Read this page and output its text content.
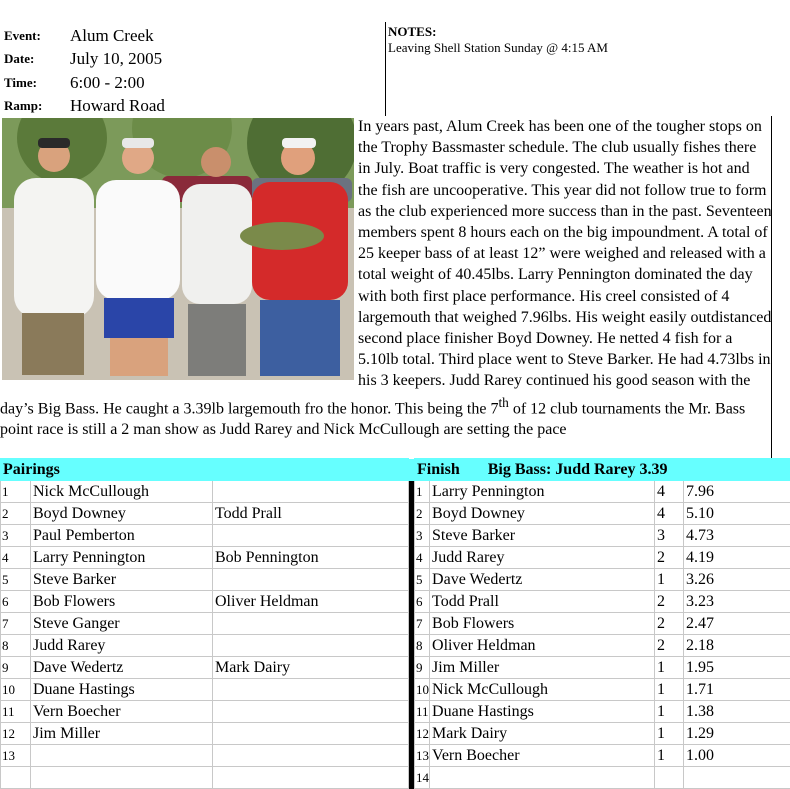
Event:	Alum Creek
Date:	July 10, 2005
Time:	6:00 - 2:00
Ramp:	Howard Road
NOTES:
Leaving Shell Station Sunday @ 4:15 AM

In years past, Alum Creek has been one of the tougher stops on the Trophy Bassmaster schedule. The club usually fishes there in July. Boat traffic is very congested. The weather is hot and the fish are uncooperative. This year did not follow true to form as the club experienced more success than in the past. Seventeen members spent 8 hours each on the big impoundment. A total of 25 keeper bass of at least 12” were weighed and released with a total weight of 40.45lbs. Larry Pennington dominated the day with both first place performance. His creel consisted of 4 largemouth that weighed 7.96lbs. His weight easily outdistanced second place finisher Boyd Downey. He netted 4 fish for a 5.10lb total. Third place went to Steve Barker. He had 4.73lbs in his 3 keepers. Judd Rarey continued his good season with the day’s Big Bass. He caught a 3.39lb largemouth fro the honor. This being the 7th of 12 club tournaments the Mr. Bass point race is still a 2 man show as Judd Rarey and Nick McCullough are setting the pace

Pairings				Finish Big Bass: Judd Rarey 3.39			
1	Nick McCullough			1	Larry Pennington	4	7.96
2	Boyd Downey	Todd Prall		2	Boyd Downey	4	5.10
3	Paul Pemberton			3	Steve Barker	3	4.73
4	Larry Pennington	Bob Pennington		4	Judd Rarey	2	4.19
5	Steve Barker			5	Dave Wedertz	1	3.26
6	Bob Flowers	Oliver Heldman		6	Todd Prall	2	3.23
7	Steve Ganger			7	Bob Flowers	2	2.47
8	Judd Rarey			8	Oliver Heldman	2	2.18
9	Dave Wedertz	Mark Dairy		9	Jim Miller	1	1.95
10	Duane Hastings			10	Nick McCullough	1	1.71
11	Vern Boecher			11	Duane Hastings	1	1.38
12	Jim Miller			12	Mark Dairy	1	1.29
13				13	Vern Boecher	1	1.00
				14			
